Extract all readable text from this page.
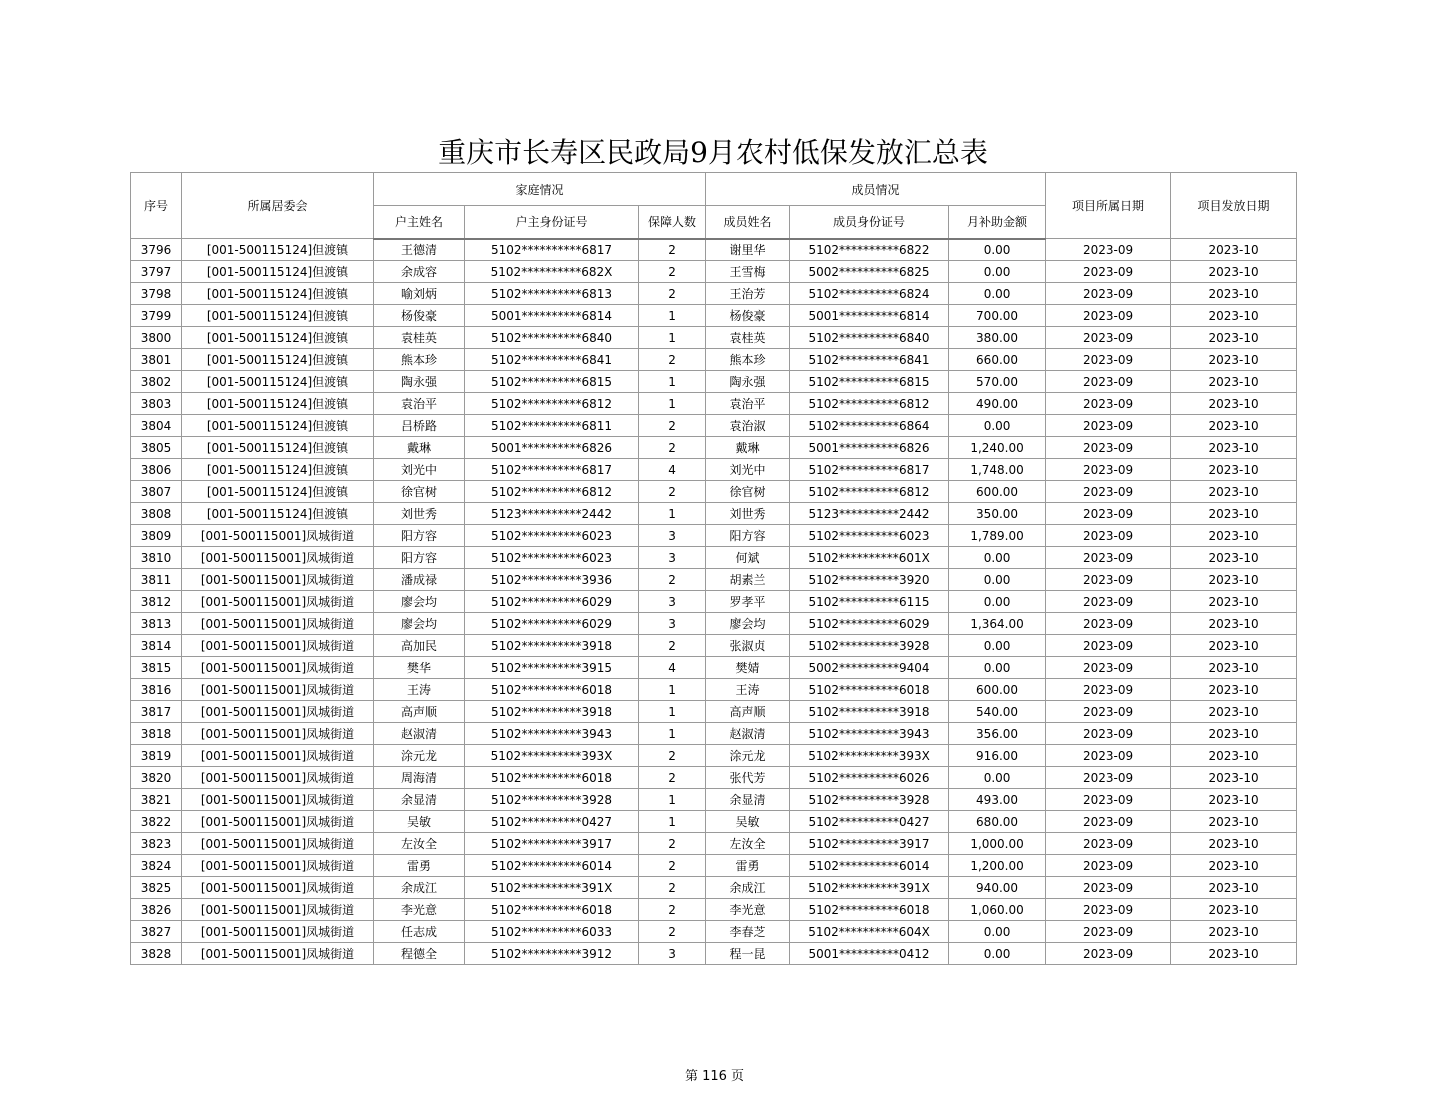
重庆市长寿区民政局9月农村低保发放汇总表
序号	所属居委会	家庭情况			成员情况			项目所属日期	项目发放日期
		户主姓名	户主身份证号	保障人数	成员姓名	成员身份证号	月补助金额		
3796	[001-500115124]但渡镇	王德清	5102**********6817	2	谢里华	5102**********6822	0.00	2023-09	2023-10
3797	[001-500115124]但渡镇	余成容	5102**********682X	2	王雪梅	5002**********6825	0.00	2023-09	2023-10
3798	[001-500115124]但渡镇	喻刘炳	5102**********6813	2	王治芳	5102**********6824	0.00	2023-09	2023-10
3799	[001-500115124]但渡镇	杨俊豪	5001**********6814	1	杨俊豪	5001**********6814	700.00	2023-09	2023-10
3800	[001-500115124]但渡镇	袁桂英	5102**********6840	1	袁桂英	5102**********6840	380.00	2023-09	2023-10
3801	[001-500115124]但渡镇	熊本珍	5102**********6841	2	熊本珍	5102**********6841	660.00	2023-09	2023-10
3802	[001-500115124]但渡镇	陶永强	5102**********6815	1	陶永强	5102**********6815	570.00	2023-09	2023-10
3803	[001-500115124]但渡镇	袁治平	5102**********6812	1	袁治平	5102**********6812	490.00	2023-09	2023-10
3804	[001-500115124]但渡镇	吕桥路	5102**********6811	2	袁治淑	5102**********6864	0.00	2023-09	2023-10
3805	[001-500115124]但渡镇	戴琳	5001**********6826	2	戴琳	5001**********6826	1,240.00	2023-09	2023-10
3806	[001-500115124]但渡镇	刘光中	5102**********6817	4	刘光中	5102**********6817	1,748.00	2023-09	2023-10
3807	[001-500115124]但渡镇	徐官树	5102**********6812	2	徐官树	5102**********6812	600.00	2023-09	2023-10
3808	[001-500115124]但渡镇	刘世秀	5123**********2442	1	刘世秀	5123**********2442	350.00	2023-09	2023-10
3809	[001-500115001]凤城街道	阳方容	5102**********6023	3	阳方容	5102**********6023	1,789.00	2023-09	2023-10
3810	[001-500115001]凤城街道	阳方容	5102**********6023	3	何斌	5102**********601X	0.00	2023-09	2023-10
3811	[001-500115001]凤城街道	潘成禄	5102**********3936	2	胡素兰	5102**********3920	0.00	2023-09	2023-10
3812	[001-500115001]凤城街道	廖会均	5102**********6029	3	罗孝平	5102**********6115	0.00	2023-09	2023-10
3813	[001-500115001]凤城街道	廖会均	5102**********6029	3	廖会均	5102**********6029	1,364.00	2023-09	2023-10
3814	[001-500115001]凤城街道	高加民	5102**********3918	2	张淑贞	5102**********3928	0.00	2023-09	2023-10
3815	[001-500115001]凤城街道	樊华	5102**********3915	4	樊婧	5002**********9404	0.00	2023-09	2023-10
3816	[001-500115001]凤城街道	王涛	5102**********6018	1	王涛	5102**********6018	600.00	2023-09	2023-10
3817	[001-500115001]凤城街道	高声顺	5102**********3918	1	高声顺	5102**********3918	540.00	2023-09	2023-10
3818	[001-500115001]凤城街道	赵淑清	5102**********3943	1	赵淑清	5102**********3943	356.00	2023-09	2023-10
3819	[001-500115001]凤城街道	涂元龙	5102**********393X	2	涂元龙	5102**********393X	916.00	2023-09	2023-10
3820	[001-500115001]凤城街道	周海清	5102**********6018	2	张代芳	5102**********6026	0.00	2023-09	2023-10
3821	[001-500115001]凤城街道	余显清	5102**********3928	1	余显清	5102**********3928	493.00	2023-09	2023-10
3822	[001-500115001]凤城街道	吴敏	5102**********0427	1	吴敏	5102**********0427	680.00	2023-09	2023-10
3823	[001-500115001]凤城街道	左汝全	5102**********3917	2	左汝全	5102**********3917	1,000.00	2023-09	2023-10
3824	[001-500115001]凤城街道	雷勇	5102**********6014	2	雷勇	5102**********6014	1,200.00	2023-09	2023-10
3825	[001-500115001]凤城街道	余成江	5102**********391X	2	余成江	5102**********391X	940.00	2023-09	2023-10
3826	[001-500115001]凤城街道	李光意	5102**********6018	2	李光意	5102**********6018	1,060.00	2023-09	2023-10
3827	[001-500115001]凤城街道	任志成	5102**********6033	2	李春芝	5102**********604X	0.00	2023-09	2023-10
3828	[001-500115001]凤城街道	程德全	5102**********3912	3	程一昆	5001**********0412	0.00	2023-09	2023-10
第 116 页
